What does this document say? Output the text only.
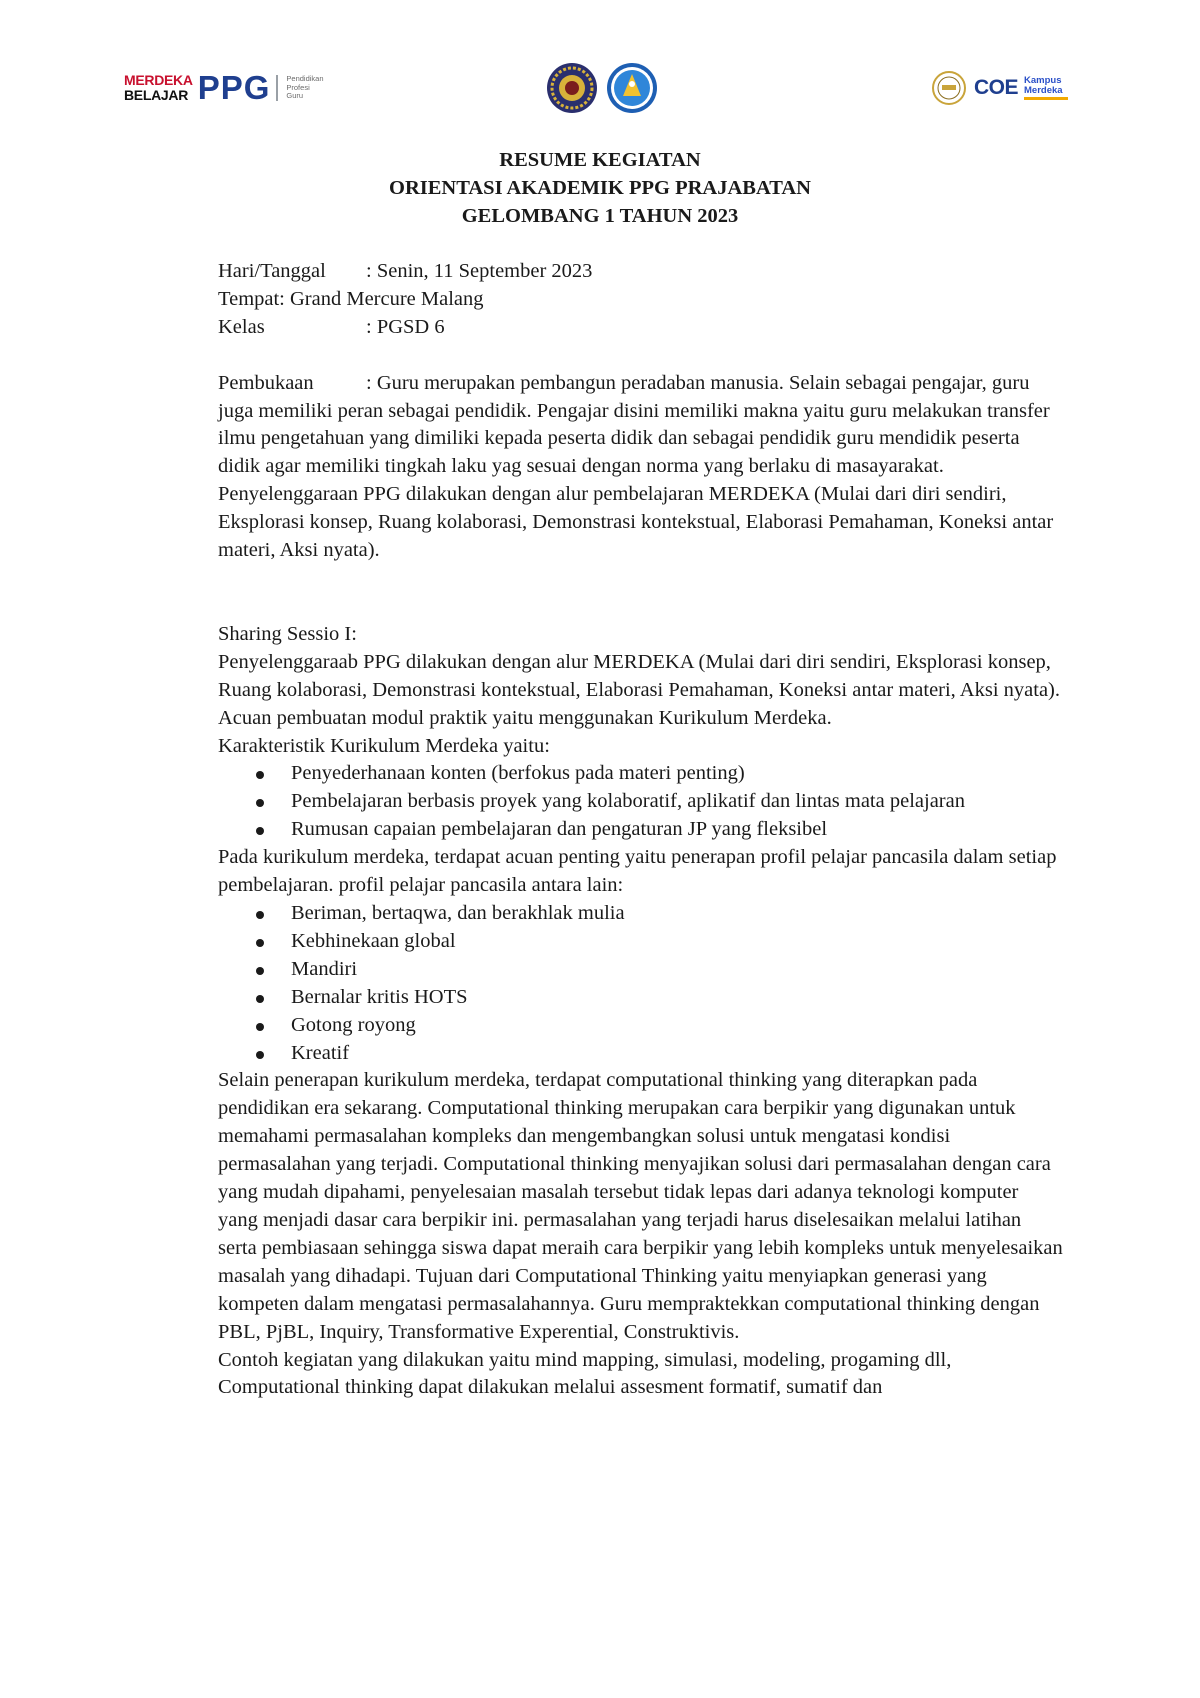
MERDEKA
BELAJAR PPG Pendidikan
Profesi
Guru	COE Kampus
Merdeka
RESUME KEGIATAN
ORIENTASI AKADEMIK PPG PRAJABATAN
GELOMBANG 1 TAHUN 2023
Hari/Tanggal : Senin, 11 September 2023
Tempat: Grand Mercure Malang
Kelas	: PGSD 6

Pembukaan	: Guru merupakan pembangun peradaban manusia. Selain sebagai pengajar, guru juga memiliki peran sebagai pendidik. Pengajar disini memiliki makna yaitu guru melakukan transfer ilmu pengetahuan yang dimiliki kepada peserta didik dan sebagai pendidik guru mendidik peserta didik agar memiliki tingkah laku yag sesuai dengan norma yang berlaku di masayarakat. Penyelenggaraan PPG dilakukan dengan alur pembelajaran MERDEKA (Mulai dari diri sendiri, Eksplorasi konsep, Ruang kolaborasi, Demonstrasi kontekstual, Elaborasi Pemahaman, Koneksi antar materi, Aksi nyata).

Sharing Sessio I:

Penyelenggaraab PPG dilakukan dengan alur MERDEKA (Mulai dari diri sendiri, Eksplorasi konsep, Ruang kolaborasi, Demonstrasi kontekstual, Elaborasi Pemahaman, Koneksi antar materi, Aksi nyata). Acuan pembuatan modul praktik yaitu menggunakan Kurikulum Merdeka.

Karakteristik Kurikulum Merdeka yaitu:
Penyederhanaan konten (berfokus pada materi penting)
Pembelajaran berbasis proyek yang kolaboratif, aplikatif dan lintas mata pelajaran
Rumusan capaian pembelajaran dan pengaturan JP yang fleksibel

Pada kurikulum merdeka, terdapat acuan penting yaitu penerapan profil pelajar pancasila dalam setiap pembelajaran. profil pelajar pancasila antara lain:

Beriman, bertaqwa, dan berakhlak mulia
Kebhinekaan global
Mandiri
Bernalar kritis HOTS
Gotong royong
Kreatif

Selain penerapan kurikulum merdeka, terdapat computational thinking yang diterapkan pada pendidikan era sekarang. Computational thinking merupakan cara berpikir yang digunakan untuk memahami permasalahan kompleks dan mengembangkan solusi untuk mengatasi kondisi permasalahan yang terjadi. Computational thinking menyajikan solusi dari permasalahan dengan cara yang mudah dipahami, penyelesaian masalah tersebut tidak lepas dari adanya teknologi komputer yang menjadi dasar cara berpikir ini. permasalahan yang terjadi harus diselesaikan melalui latihan serta pembiasaan sehingga siswa dapat meraih cara berpikir yang lebih kompleks untuk menyelesaikan masalah yang dihadapi. Tujuan dari Computational Thinking yaitu menyiapkan generasi yang kompeten dalam mengatasi permasalahannya. Guru mempraktekkan computational thinking dengan PBL, PjBL, Inquiry, Transformative Experential, Construktivis.

Contoh kegiatan yang dilakukan yaitu mind mapping, simulasi, modeling, progaming dll, Computational thinking dapat dilakukan melalui assesment formatif, sumatif dan
